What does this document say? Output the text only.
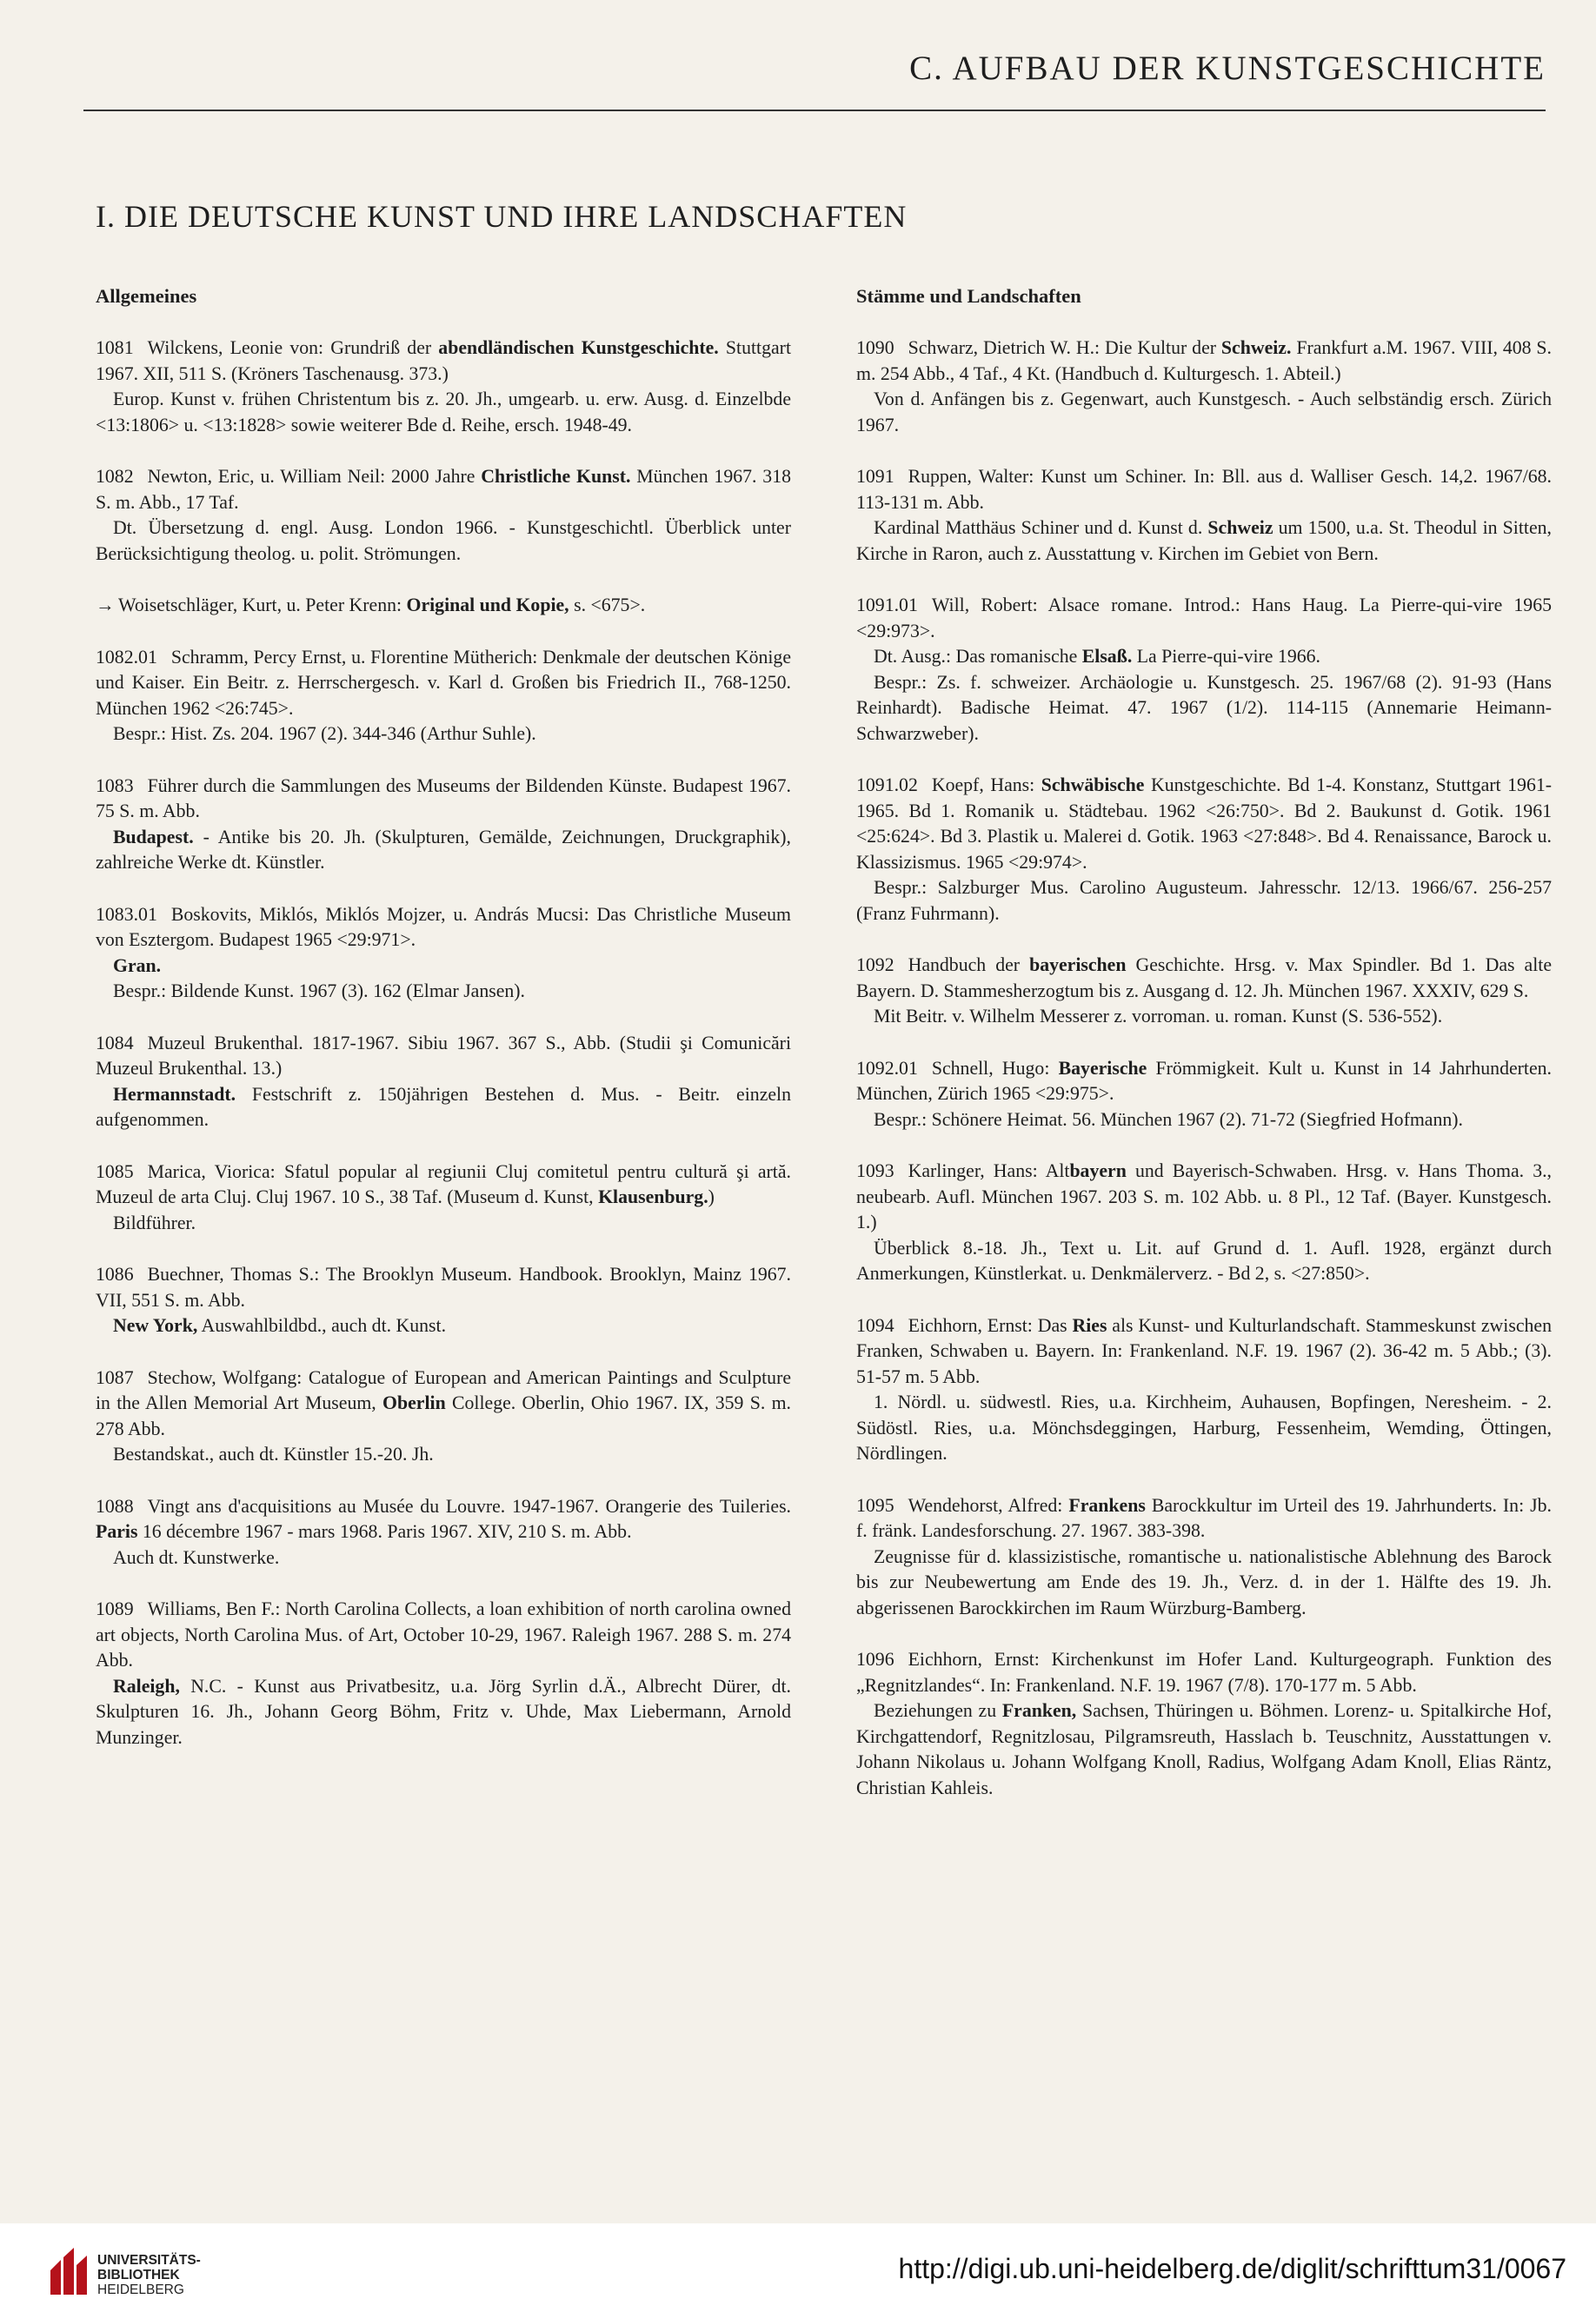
C. AUFBAU DER KUNSTGESCHICHTE
I. DIE DEUTSCHE KUNST UND IHRE LANDSCHAFTEN
Allgemeines

1081 Wilckens, Leonie von: Grundriß der abendländischen Kunstgeschichte. Stuttgart 1967. XII, 511 S. (Kröners Taschenausg. 373.)

Europ. Kunst v. frühen Christentum bis z. 20. Jh., umgearb. u. erw. Ausg. d. Einzelbde <13:1806> u. <13:1828> sowie weiterer Bde d. Reihe, ersch. 1948-49.

1082 Newton, Eric, u. William Neil: 2000 Jahre Christliche Kunst. München 1967. 318 S. m. Abb., 17 Taf.

Dt. Übersetzung d. engl. Ausg. London 1966. - Kunstgeschichtl. Überblick unter Berücksichtigung theolog. u. polit. Strömungen.

→ Woisetschläger, Kurt, u. Peter Krenn: Original und Kopie, s. <675>.

1082.01 Schramm, Percy Ernst, u. Florentine Mütherich: Denkmale der deutschen Könige und Kaiser. Ein Beitr. z. Herrschergesch. v. Karl d. Großen bis Friedrich II., 768-1250. München 1962 <26:745>.

Bespr.: Hist. Zs. 204. 1967 (2). 344-346 (Arthur Suhle).

1083 Führer durch die Sammlungen des Museums der Bildenden Künste. Budapest 1967. 75 S. m. Abb.

Budapest. - Antike bis 20. Jh. (Skulpturen, Gemälde, Zeichnungen, Druckgraphik), zahlreiche Werke dt. Künstler.

1083.01 Boskovits, Miklós, Miklós Mojzer, u. András Mucsi: Das Christliche Museum von Esztergom. Budapest 1965 <29:971>.

Gran.

Bespr.: Bildende Kunst. 1967 (3). 162 (Elmar Jansen).

1084 Muzeul Brukenthal. 1817-1967. Sibiu 1967. 367 S., Abb. (Studii şi Comunicări Muzeul Brukenthal. 13.)

Hermannstadt. Festschrift z. 150jährigen Bestehen d. Mus. - Beitr. einzeln aufgenommen.

1085 Marica, Viorica: Sfatul popular al regiunii Cluj comitetul pentru cultură şi artă. Muzeul de arta Cluj. Cluj 1967. 10 S., 38 Taf. (Museum d. Kunst, Klausenburg.)

Bildführer.

1086 Buechner, Thomas S.: The Brooklyn Museum. Handbook. Brooklyn, Mainz 1967. VII, 551 S. m. Abb.

New York, Auswahlbildbd., auch dt. Kunst.

1087 Stechow, Wolfgang: Catalogue of European and American Paintings and Sculpture in the Allen Memorial Art Museum, Oberlin College. Oberlin, Ohio 1967. IX, 359 S. m. 278 Abb.

Bestandskat., auch dt. Künstler 15.-20. Jh.

1088 Vingt ans d'acquisitions au Musée du Louvre. 1947-1967. Orangerie des Tuileries. Paris 16 décembre 1967 - mars 1968. Paris 1967. XIV, 210 S. m. Abb.

Auch dt. Kunstwerke.

1089 Williams, Ben F.: North Carolina Collects, a loan exhibition of north carolina owned art objects, North Carolina Mus. of Art, October 10-29, 1967. Raleigh 1967. 288 S. m. 274 Abb.

Raleigh, N.C. - Kunst aus Privatbesitz, u.a. Jörg Syrlin d.Ä., Albrecht Dürer, dt. Skulpturen 16. Jh., Johann Georg Böhm, Fritz v. Uhde, Max Liebermann, Arnold Munzinger.

Stämme und Landschaften

1090 Schwarz, Dietrich W. H.: Die Kultur der Schweiz. Frankfurt a.M. 1967. VIII, 408 S. m. 254 Abb., 4 Taf., 4 Kt. (Handbuch d. Kulturgesch. 1. Abteil.)

Von d. Anfängen bis z. Gegenwart, auch Kunstgesch. - Auch selbständig ersch. Zürich 1967.

1091 Ruppen, Walter: Kunst um Schiner. In: Bll. aus d. Walliser Gesch. 14,2. 1967/68. 113-131 m. Abb.

Kardinal Matthäus Schiner und d. Kunst d. Schweiz um 1500, u.a. St. Theodul in Sitten, Kirche in Raron, auch z. Ausstattung v. Kirchen im Gebiet von Bern.

1091.01 Will, Robert: Alsace romane. Introd.: Hans Haug. La Pierre-qui-vire 1965 <29:973>.

Dt. Ausg.: Das romanische Elsaß. La Pierre-qui-vire 1966.

Bespr.: Zs. f. schweizer. Archäologie u. Kunstgesch. 25. 1967/68 (2). 91-93 (Hans Reinhardt). Badische Heimat. 47. 1967 (1/2). 114-115 (Annemarie Heimann-Schwarzweber).

1091.02 Koepf, Hans: Schwäbische Kunstgeschichte. Bd 1-4. Konstanz, Stuttgart 1961-1965. Bd 1. Romanik u. Städtebau. 1962 <26:750>. Bd 2. Baukunst d. Gotik. 1961 <25:624>. Bd 3. Plastik u. Malerei d. Gotik. 1963 <27:848>. Bd 4. Renaissance, Barock u. Klassizismus. 1965 <29:974>.

Bespr.: Salzburger Mus. Carolino Augusteum. Jahresschr. 12/13. 1966/67. 256-257 (Franz Fuhrmann).

1092 Handbuch der bayerischen Geschichte. Hrsg. v. Max Spindler. Bd 1. Das alte Bayern. D. Stammesherzogtum bis z. Ausgang d. 12. Jh. München 1967. XXXIV, 629 S.

Mit Beitr. v. Wilhelm Messerer z. vorroman. u. roman. Kunst (S. 536-552).

1092.01 Schnell, Hugo: Bayerische Frömmigkeit. Kult u. Kunst in 14 Jahrhunderten. München, Zürich 1965 <29:975>.

Bespr.: Schönere Heimat. 56. München 1967 (2). 71-72 (Siegfried Hofmann).

1093 Karlinger, Hans: Altbayern und Bayerisch-Schwaben. Hrsg. v. Hans Thoma. 3., neubearb. Aufl. München 1967. 203 S. m. 102 Abb. u. 8 Pl., 12 Taf. (Bayer. Kunstgesch. 1.)

Überblick 8.-18. Jh., Text u. Lit. auf Grund d. 1. Aufl. 1928, ergänzt durch Anmerkungen, Künstlerkat. u. Denkmälerverz. - Bd 2, s. <27:850>.

1094 Eichhorn, Ernst: Das Ries als Kunst- und Kulturlandschaft. Stammeskunst zwischen Franken, Schwaben u. Bayern. In: Frankenland. N.F. 19. 1967 (2). 36-42 m. 5 Abb.; (3). 51-57 m. 5 Abb.

1. Nördl. u. südwestl. Ries, u.a. Kirchheim, Auhausen, Bopfingen, Neresheim. - 2. Südöstl. Ries, u.a. Mönchsdeggingen, Harburg, Fessenheim, Wemding, Öttingen, Nördlingen.

1095 Wendehorst, Alfred: Frankens Barockkultur im Urteil des 19. Jahrhunderts. In: Jb. f. fränk. Landesforschung. 27. 1967. 383-398.

Zeugnisse für d. klassizistische, romantische u. nationalistische Ablehnung des Barock bis zur Neubewertung am Ende des 19. Jh., Verz. d. in der 1. Hälfte des 19. Jh. abgerissenen Barockkirchen im Raum Würzburg-Bamberg.

1096 Eichhorn, Ernst: Kirchenkunst im Hofer Land. Kulturgeograph. Funktion des „Regnitzlandes“. In: Frankenland. N.F. 19. 1967 (7/8). 170-177 m. 5 Abb.

Beziehungen zu Franken, Sachsen, Thüringen u. Böhmen. Lorenz- u. Spitalkirche Hof, Kirchgattendorf, Regnitzlosau, Pilgramsreuth, Hasslach b. Teuschnitz, Ausstattungen v. Johann Nikolaus u. Johann Wolfgang Knoll, Radius, Wolfgang Adam Knoll, Elias Räntz, Christian Kahleis.

UNIVERSITÄTS-
BIBLIOTHEK
HEIDELBERG
http://digi.ub.uni-heidelberg.de/diglit/schrifttum31/0067
